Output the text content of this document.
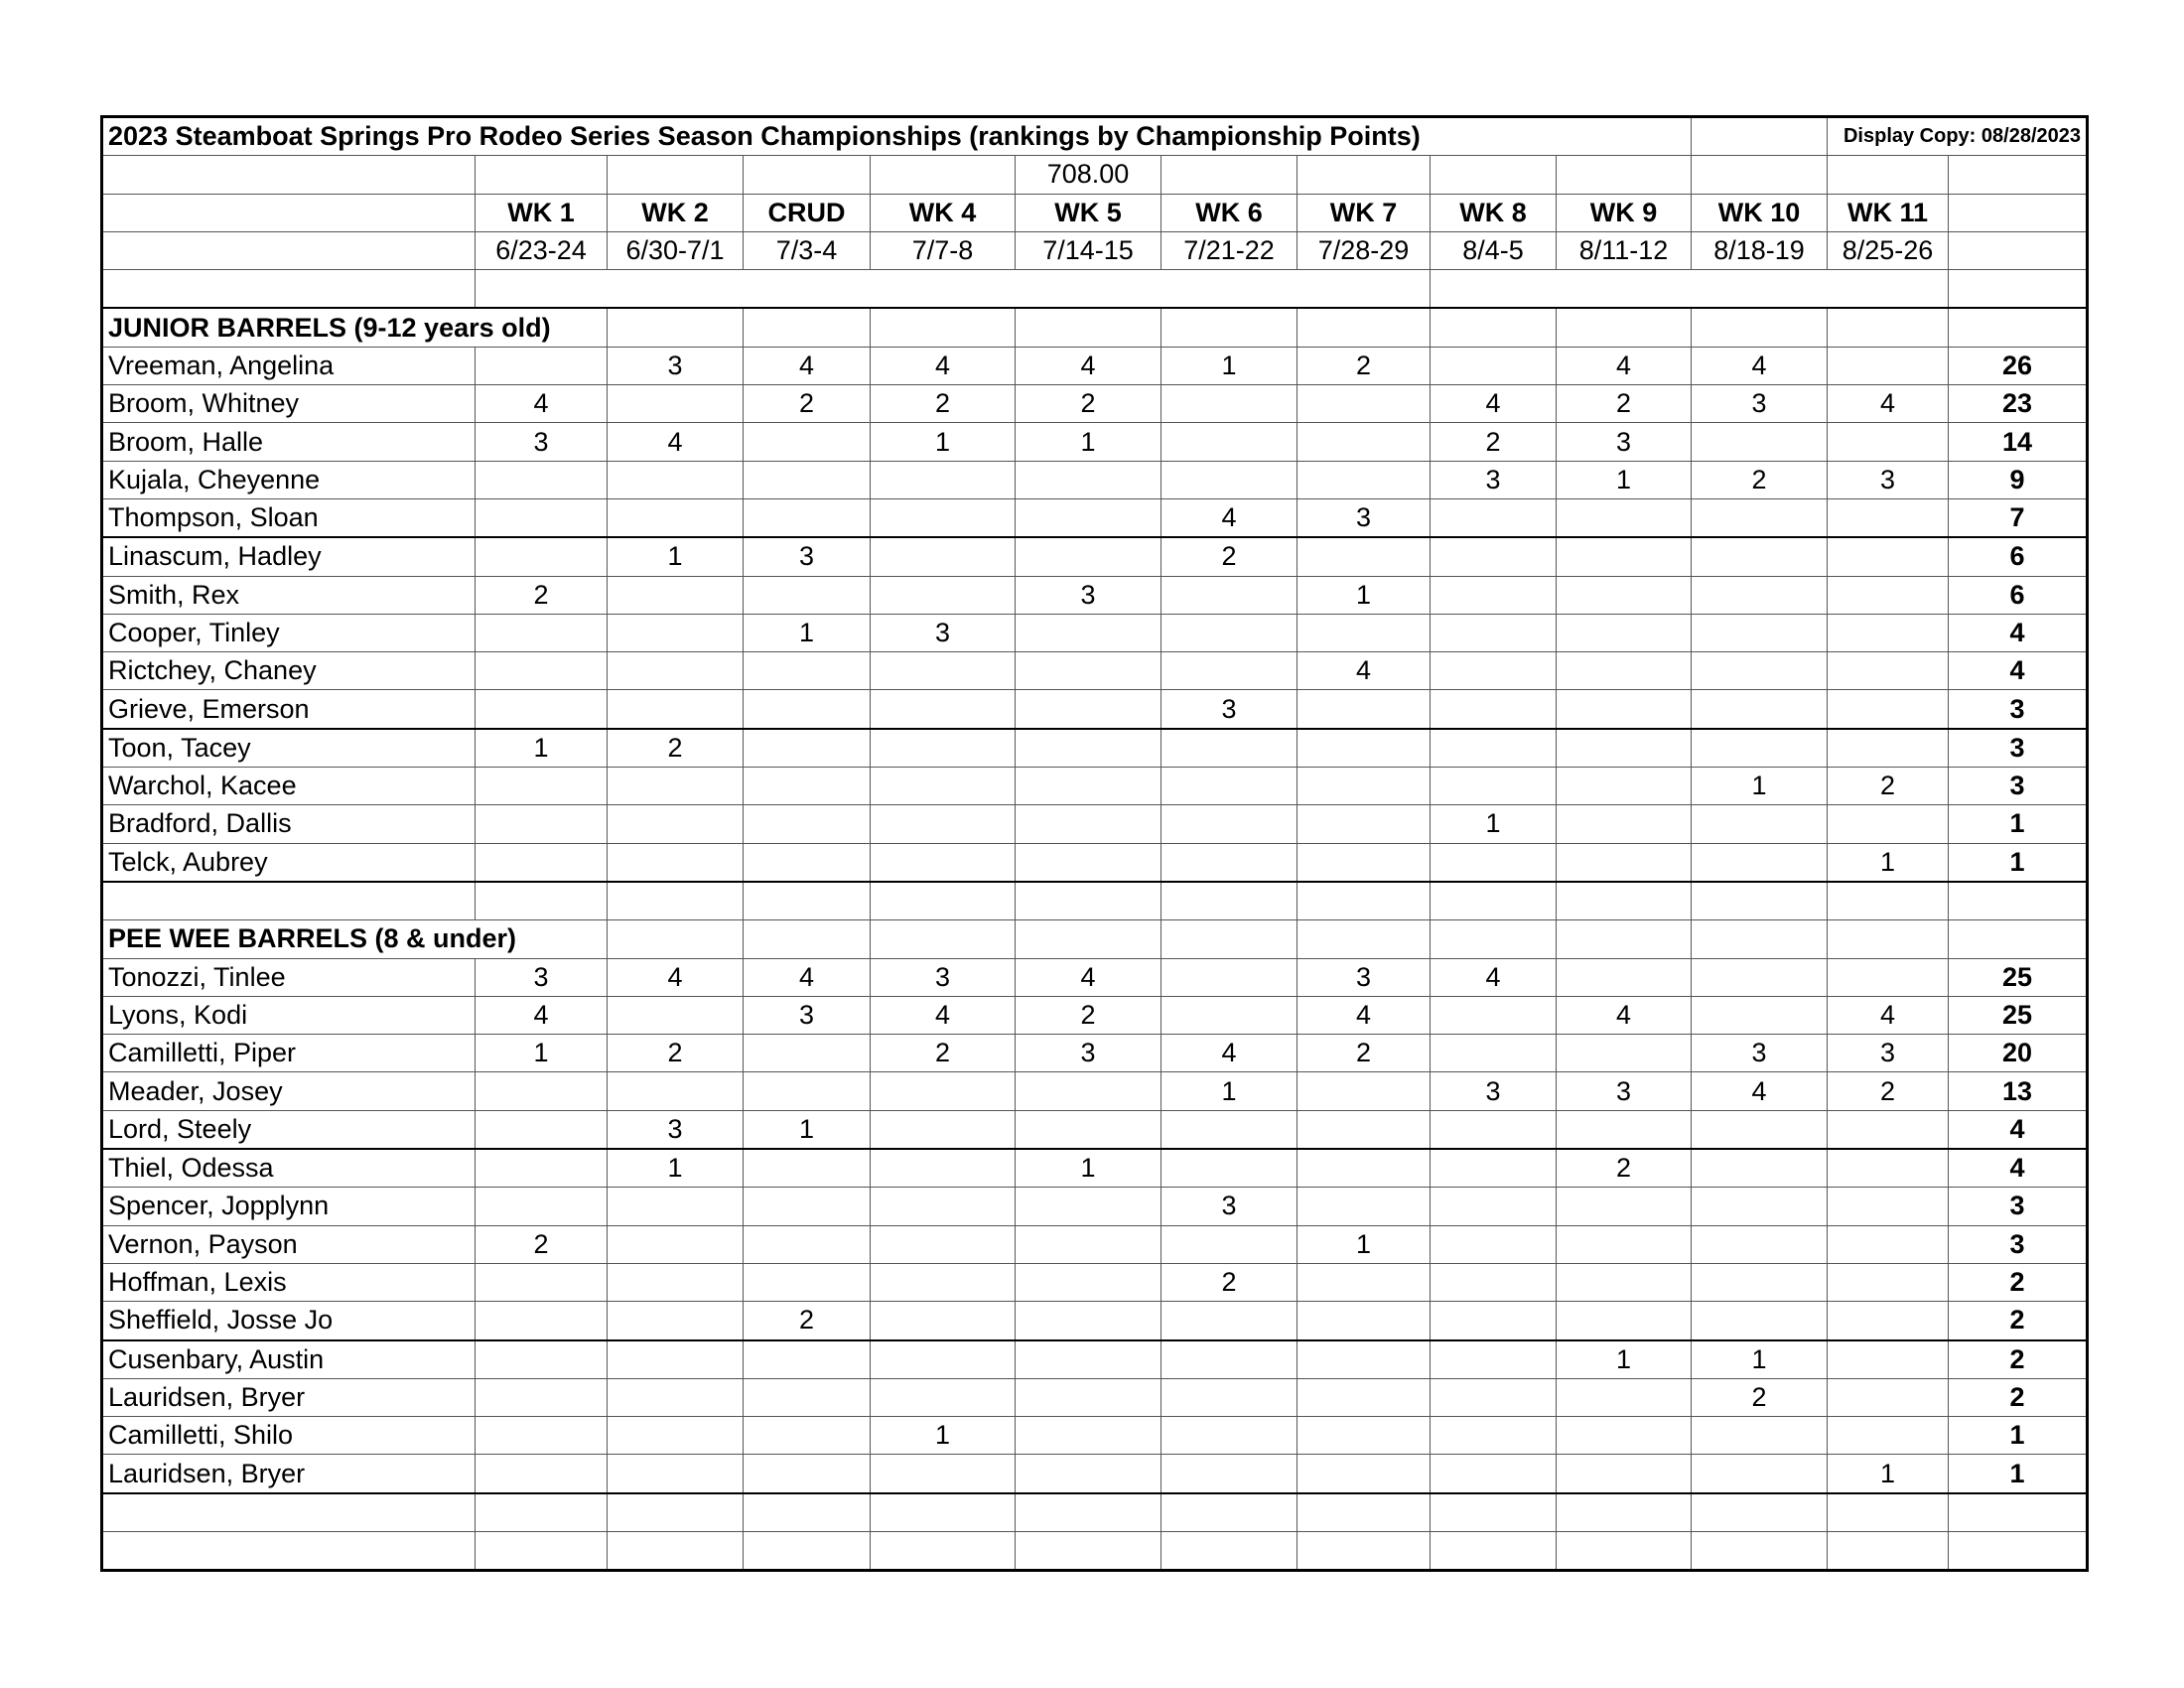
2023 Steamboat Springs Pro Rodeo Series Season Championships (rankings by Championship Points)											Display Copy: 08/28/2023	
					708.00							
	WK 1	WK 2	CRUD	WK 4	WK 5	WK 6	WK 7	WK 8	WK 9	WK 10	WK 11	
	6/23-24	6/30-7/1	7/3-4	7/7-8	7/14-15	7/21-22	7/28-29	8/4-5	8/11-12	8/18-19	8/25-26	

JUNIOR BARRELS (9-12 years old)												
Vreeman, Angelina		3	4	4	4	1	2		4	4		26
Broom, Whitney	4		2	2	2			4	2	3	4	23
Broom, Halle	3	4		1	1			2	3			14
Kujala, Cheyenne								3	1	2	3	9
Thompson, Sloan						4	3					7
Linascum, Hadley		1	3			2						6
Smith, Rex	2				3		1					6
Cooper, Tinley			1	3								4
Rictchey, Chaney							4					4
Grieve, Emerson						3						3
Toon, Tacey	1	2										3
Warchol, Kacee										1	2	3
Bradford, Dallis								1				1
Telck, Aubrey											1	1

PEE WEE BARRELS (8 & under)												
Tonozzi, Tinlee	3	4	4	3	4		3	4				25
Lyons, Kodi	4		3	4	2		4		4		4	25
Camilletti, Piper	1	2		2	3	4	2			3	3	20
Meader, Josey						1		3	3	4	2	13
Lord, Steely		3	1									4
Thiel, Odessa		1			1				2			4
Spencer, Jopplynn						3						3
Vernon, Payson	2						1					3
Hoffman, Lexis						2						2
Sheffield, Josse Jo			2									2
Cusenbary, Austin									1	1		2
Lauridsen, Bryer										2		2
Camilletti, Shilo				1								1
Lauridsen, Bryer											1	1
